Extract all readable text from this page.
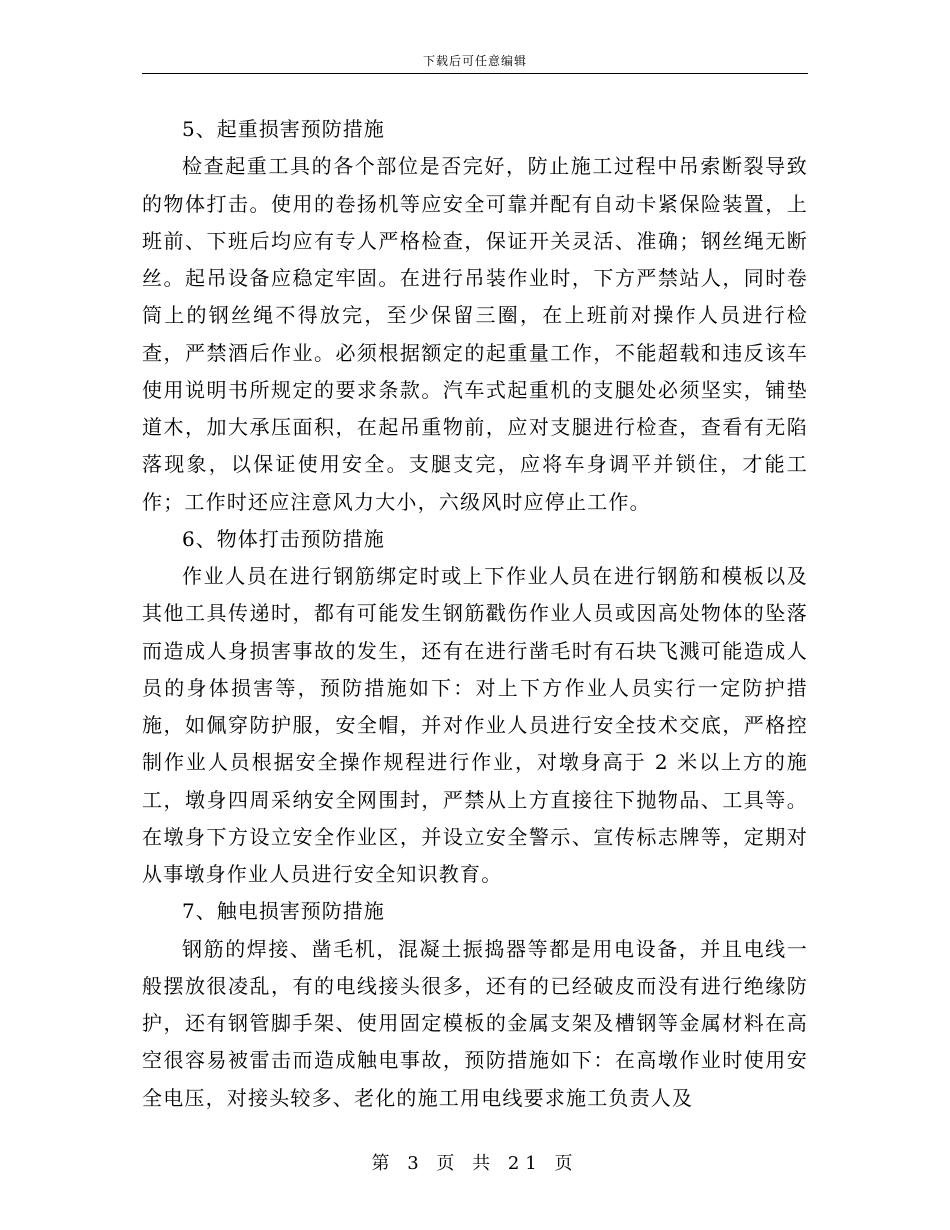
下载后可任意编辑

5、起重损害预防措施

检查起重工具的各个部位是否完好，防止施工过程中吊索断裂导致的物体打击。使用的卷扬机等应安全可靠并配有自动卡紧保险装置，上班前、下班后均应有专人严格检查，保证开关灵活、准确；钢丝绳无断丝。起吊设备应稳定牢固。在进行吊装作业时，下方严禁站人，同时卷筒上的钢丝绳不得放完，至少保留三圈，在上班前对操作人员进行检查，严禁酒后作业。必须根据额定的起重量工作，不能超载和违反该车使用说明书所规定的要求条款。汽车式起重机的支腿处必须坚实，铺垫道木，加大承压面积，在起吊重物前，应对支腿进行检查，查看有无陷落现象，以保证使用安全。支腿支完，应将车身调平并锁住，才能工作；工作时还应注意风力大小，六级风时应停止工作。

6、物体打击预防措施

作业人员在进行钢筋绑定时或上下作业人员在进行钢筋和模板以及其他工具传递时，都有可能发生钢筋戳伤作业人员或因高处物体的坠落而造成人身损害事故的发生，还有在进行凿毛时有石块飞溅可能造成人员的身体损害等，预防措施如下：对上下方作业人员实行一定防护措施，如佩穿防护服，安全帽，并对作业人员进行安全技术交底，严格控制作业人员根据安全操作规程进行作业，对墩身高于 2 米以上方的施工，墩身四周采纳安全网围封，严禁从上方直接往下抛物品、工具等。在墩身下方设立安全作业区，并设立安全警示、宣传标志牌等，定期对从事墩身作业人员进行安全知识教育。

7、触电损害预防措施

钢筋的焊接、凿毛机，混凝土振捣器等都是用电设备，并且电线一般摆放很凌乱，有的电线接头很多，还有的已经破皮而没有进行绝缘防护，还有钢管脚手架、使用固定模板的金属支架及槽钢等金属材料在高空很容易被雷击而造成触电事故，预防措施如下：在高墩作业时使用安全电压，对接头较多、老化的施工用电线要求施工负责人及

第 3 页 共 21 页
